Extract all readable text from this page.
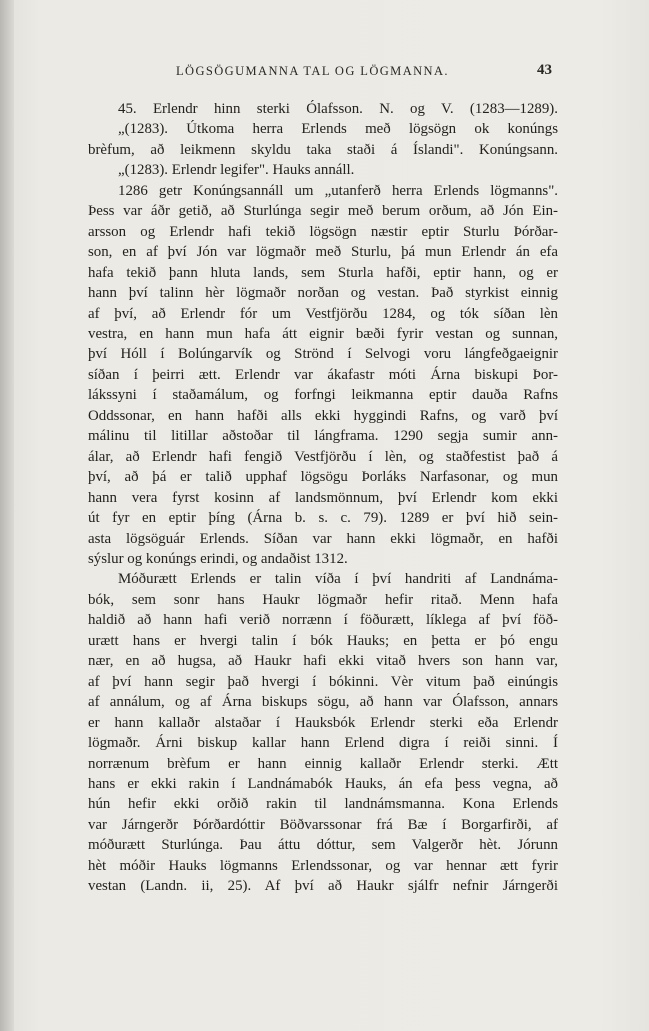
LÖGSÖGUMANNA TAL OG LÖGMANNA.	43
45. Erlendr hinn sterki Ólafsson. N. og V. (1283—1289).
„(1283). Útkoma herra Erlends með lögsögn ok konúngs
brèfum, að leikmenn skyldu taka staði á Íslandi". Konúngsann.
„(1283). Erlendr legifer". Hauks annáll.
1286 getr Konúngsannáll um „utanferð herra Erlends lögmanns".
Þess var áðr getið, að Sturlúnga segir með berum orðum, að Jón Ein-
arsson og Erlendr hafi tekið lögsögn næstir eptir Sturlu Þórðar-
son, en af því Jón var lögmaðr með Sturlu, þá mun Erlendr án efa
hafa tekið þann hluta lands, sem Sturla hafði, eptir hann, og er
hann því talinn hèr lögmaðr norðan og vestan. Það styrkist einnig
af því, að Erlendr fór um Vestfjörðu 1284, og tók síðan lèn
vestra, en hann mun hafa átt eignir bæði fyrir vestan og sunnan,
því Hóll í Bolúngarvík og Strönd í Selvogi voru lángfeðgaeignir
síðan í þeirri ætt. Erlendr var ákafastr móti Árna biskupi Þor-
lákssyni í staðamálum, og forfngi leikmanna eptir dauða Rafns
Oddssonar, en hann hafði alls ekki hyggindi Rafns, og varð því
málinu til litillar aðstoðar til lángframa. 1290 segja sumir ann-
álar, að Erlendr hafi fengið Vestfjörðu í lèn, og staðfestist það á
því, að þá er talið upphaf lögsögu Þorláks Narfasonar, og mun
hann vera fyrst kosinn af landsmönnum, því Erlendr kom ekki
út fyr en eptir þíng (Árna b. s. c. 79). 1289 er því hið sein-
asta lögsöguár Erlends. Síðan var hann ekki lögmaðr, en hafði
sýslur og konúngs erindi, og andaðist 1312.
Móðurætt Erlends er talin víða í því handriti af Landnáma-
bók, sem sonr hans Haukr lögmaðr hefir ritað. Menn hafa
haldið að hann hafi verið norrænn í föðurætt, líklega af því föð-
urætt hans er hvergi talin í bók Hauks; en þetta er þó engu
nær, en að hugsa, að Haukr hafi ekki vitað hvers son hann var,
af því hann segir það hvergi í bókinni. Vèr vitum það einúngis
af annálum, og af Árna biskups sögu, að hann var Ólafsson, annars
er hann kallaðr alstaðar í Hauksbók Erlendr sterki eða Erlendr
lögmaðr. Árni biskup kallar hann Erlend digra í reiði sinni. Í
norrænum brèfum er hann einnig kallaðr Erlendr sterki. Ætt
hans er ekki rakin í Landnámabók Hauks, án efa þess vegna, að
hún hefir ekki orðið rakin til landnámsmanna. Kona Erlends
var Járngerðr Þórðardóttir Böðvarssonar frá Bæ í Borgarfirði, af
móðurætt Sturlúnga. Þau áttu dóttur, sem Valgerðr hèt. Jórunn
hèt móðir Hauks lögmanns Erlendssonar, og var hennar ætt fyrir
vestan (Landn. ii, 25). Af því að Haukr sjálfr nefnir Járngerði
